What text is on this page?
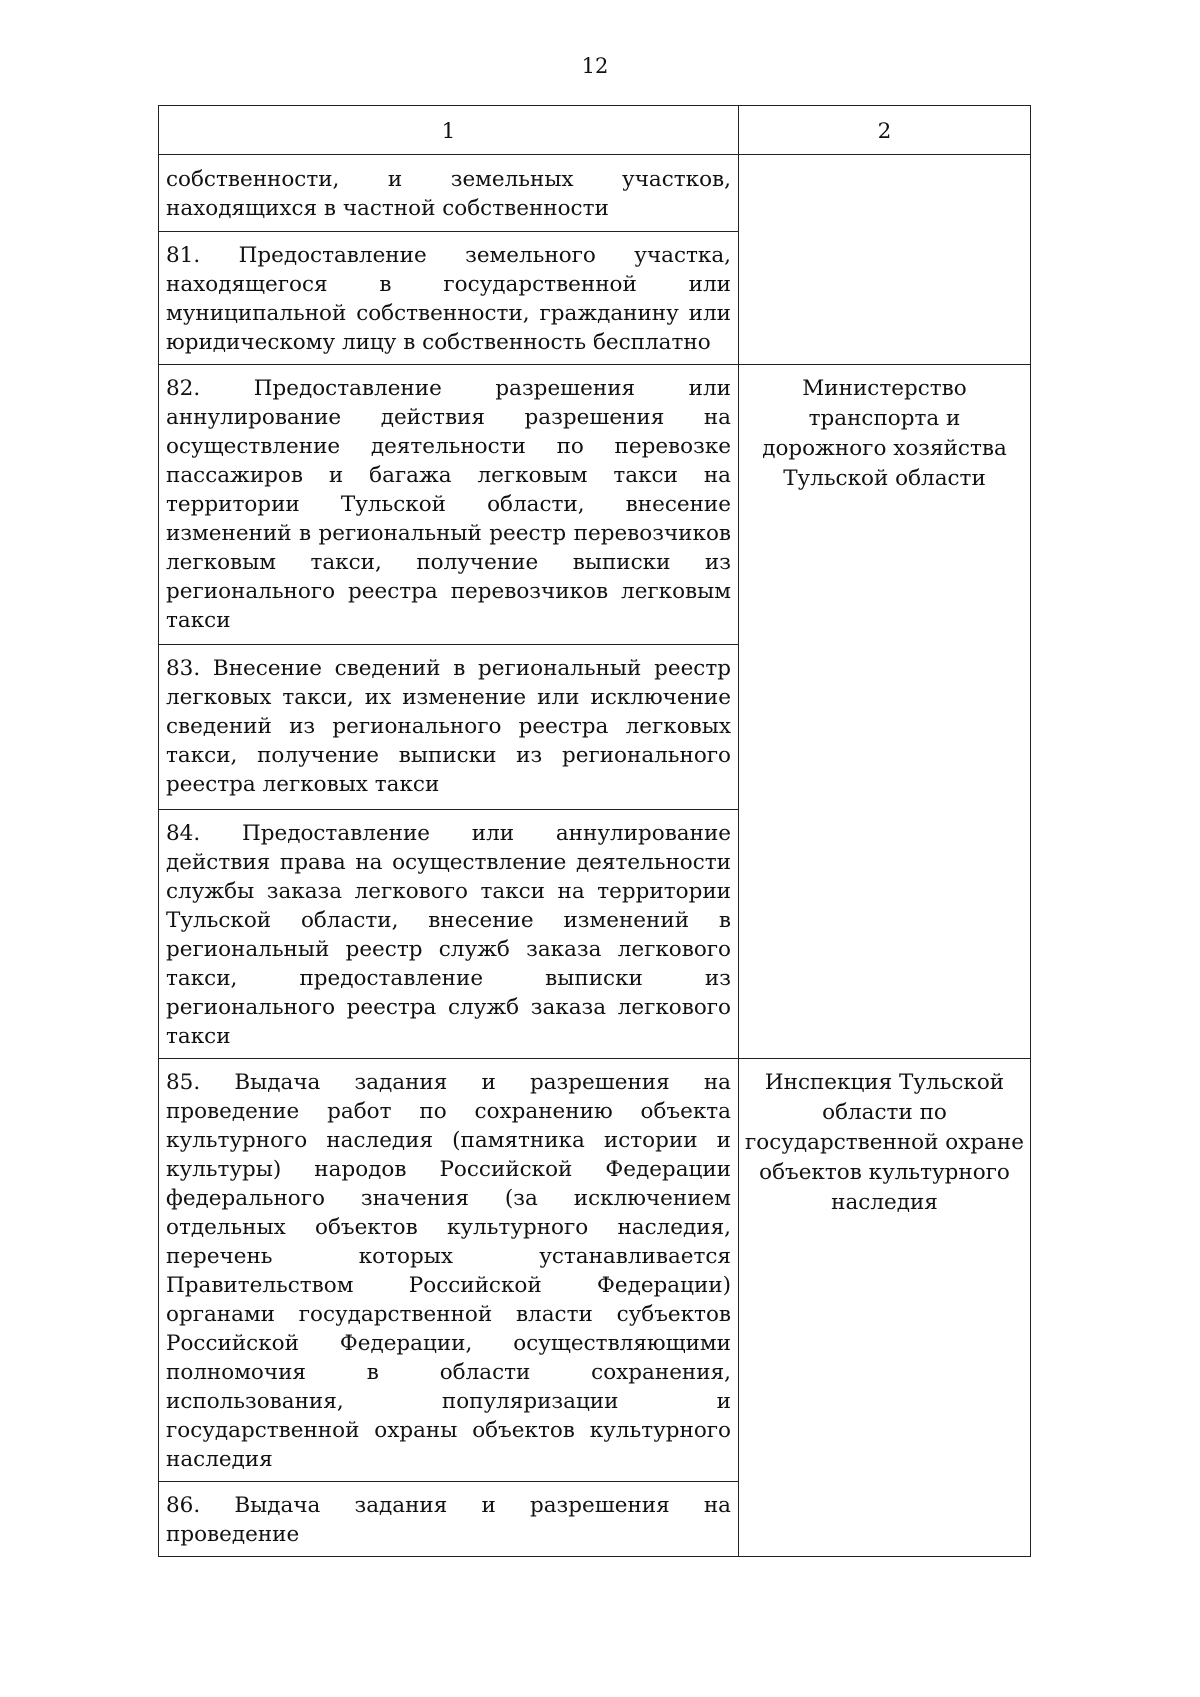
12
1	2
собственности, и земельных участков, находящихся в частной собственности	
81. Предоставление земельного участка, находящегося в государственной или муниципальной собственности, гражданину или юридическому лицу в собственность бесплатно	
82. Предоставление разрешения или аннулирование действия разрешения на осуществление деятельности по перевозке пассажиров и багажа легковым такси на территории Тульской области, внесение изменений в региональный реестр перевозчиков легковым такси, получение выписки из регионального реестра перевозчиков легковым такси	Министерство транспорта и дорожного хозяйства Тульской области
83. Внесение сведений в региональный реестр легковых такси, их изменение или исключение сведений из регионального реестра легковых такси, получение выписки из регионального реестра легковых такси	
84. Предоставление или аннулирование действия права на осуществление деятельности службы заказа легкового такси на территории Тульской области, внесение изменений в региональный реестр служб заказа легкового такси, предоставление выписки из регионального реестра служб заказа легкового такси	
85. Выдача задания и разрешения на проведение работ по сохранению объекта культурного наследия (памятника истории и культуры) народов Российской Федерации федерального значения (за исключением отдельных объектов культурного наследия, перечень которых устанавливается Правительством Российской Федерации) органами государственной власти субъектов Российской Федерации, осуществляющими полномочия в области сохранения, использования, популяризации и государственной охраны объектов культурного наследия	Инспекция Тульской области по государственной охране объектов культурного наследия
86. Выдача задания и разрешения на проведение	
